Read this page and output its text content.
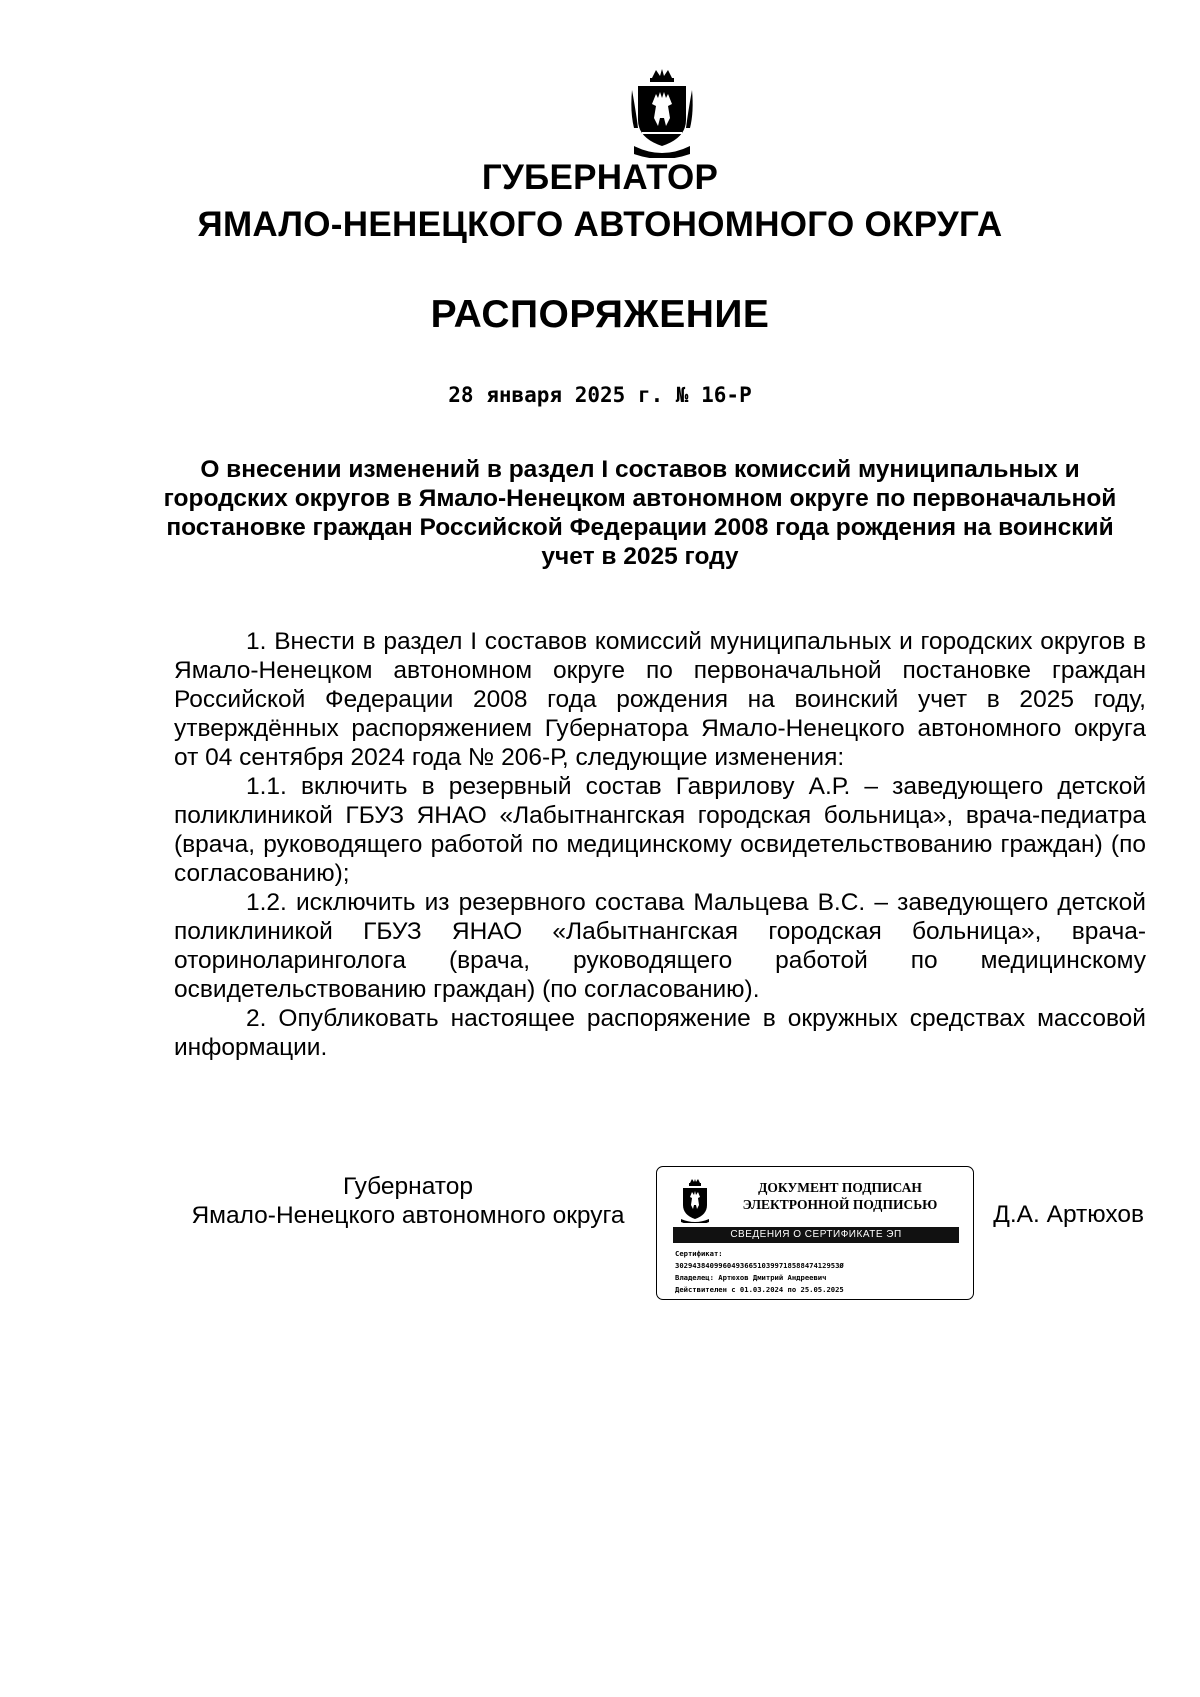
ГУБЕРНАТОР
ЯМАЛО-НЕНЕЦКОГО АВТОНОМНОГО ОКРУГА
РАСПОРЯЖЕНИЕ
28 января 2025 г. № 16-Р
О внесении изменений в раздел I составов комиссий муниципальных и городских округов в Ямало-Ненецком автономном округе по первоначальной постановке граждан Российской Федерации 2008 года рождения на воинский учет в 2025 году

1. Внести в раздел I составов комиссий муниципальных и городских округов в Ямало-Ненецком автономном округе по первоначальной постановке граждан Российской Федерации 2008 года рождения на воинский учет в 2025 году, утверждённых распоряжением Губернатора Ямало-Ненецкого автономного округа от 04 сентября 2024 года № 206-Р, следующие изменения:

1.1. включить в резервный состав Гаврилову А.Р. – заведующего детской поликлиникой ГБУЗ ЯНАО «Лабытнангская городская больница», врача-педиатра (врача, руководящего работой по медицинскому освидетельствованию граждан) (по согласованию);

1.2. исключить из резервного состава Мальцева В.С. – заведующего детской поликлиникой ГБУЗ ЯНАО «Лабытнангская городская больница», врача-оториноларинголога (врача, руководящего работой по медицинскому освидетельствованию граждан) (по согласованию).

2. Опубликовать настоящее распоряжение в окружных средствах массовой информации.

Губернатор
Ямало-Ненецкого автономного округа
ДОКУМЕНТ ПОДПИСАН
ЭЛЕКТРОННОЙ ПОДПИСЬЮ
СВЕДЕНИЯ О СЕРТИФИКАТЕ ЭП
Сертификат:
30294384099604936651039971858847412953Ø
Владелец: Артюхов Дмитрий Андреевич
Действителен с 01.03.2024 по 25.05.2025
Д.А. Артюхов
